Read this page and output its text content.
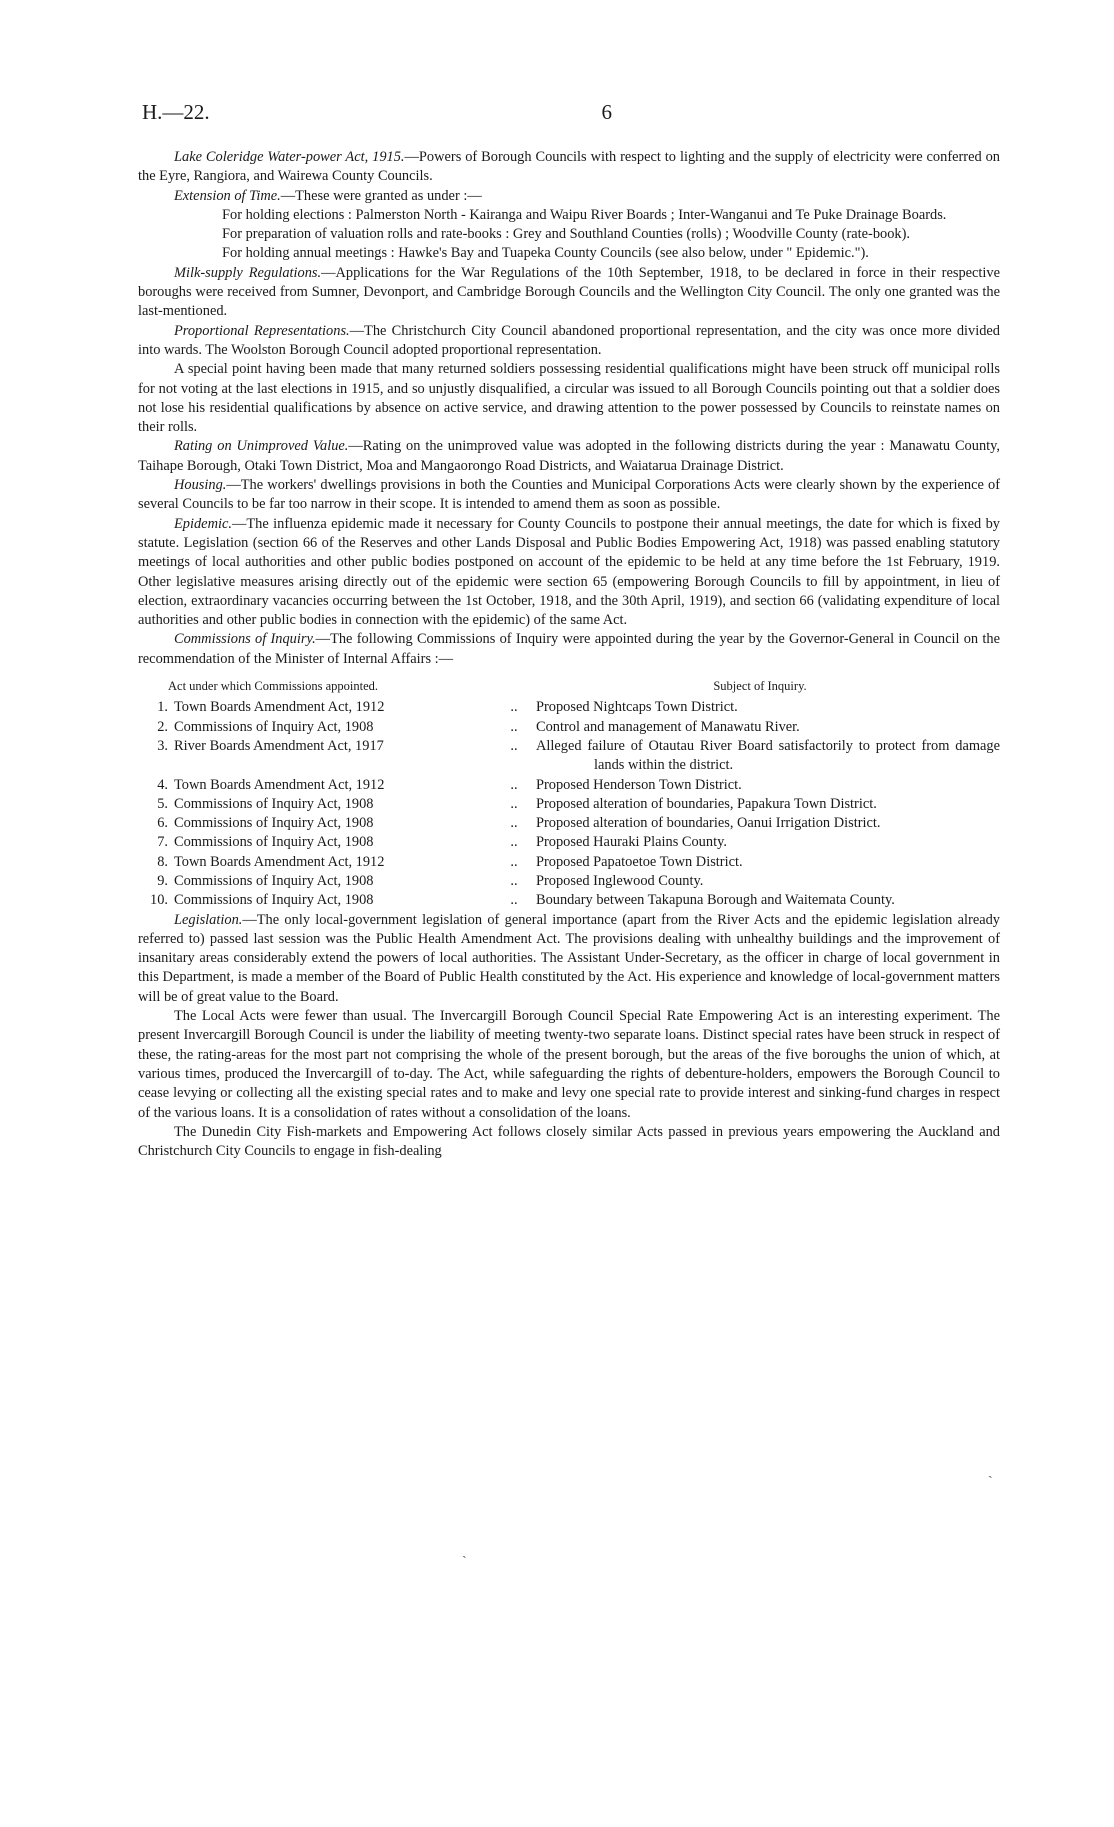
H.—22.	6

Lake Coleridge Water-power Act, 1915.—Powers of Borough Councils with respect to lighting and the supply of electricity were conferred on the Eyre, Rangiora, and Wairewa County Councils.

Extension of Time.—These were granted as under :—

For holding elections : Palmerston North - Kairanga and Waipu River Boards ; Inter-Wanganui and Te Puke Drainage Boards.

For preparation of valuation rolls and rate-books : Grey and Southland Counties (rolls) ; Woodville County (rate-book).

For holding annual meetings : Hawke's Bay and Tuapeka County Councils (see also below, under " Epidemic.").

Milk-supply Regulations.—Applications for the War Regulations of the 10th September, 1918, to be declared in force in their respective boroughs were received from Sumner, Devonport, and Cambridge Borough Councils and the Wellington City Council. The only one granted was the last-mentioned.

Proportional Representations.—The Christchurch City Council abandoned proportional representation, and the city was once more divided into wards. The Woolston Borough Council adopted proportional representation.

A special point having been made that many returned soldiers possessing residential qualifications might have been struck off municipal rolls for not voting at the last elections in 1915, and so unjustly disqualified, a circular was issued to all Borough Councils pointing out that a soldier does not lose his residential qualifications by absence on active service, and drawing attention to the power possessed by Councils to reinstate names on their rolls.

Rating on Unimproved Value.—Rating on the unimproved value was adopted in the following districts during the year : Manawatu County, Taihape Borough, Otaki Town District, Moa and Mangaorongo Road Districts, and Waiatarua Drainage District.

Housing.—The workers' dwellings provisions in both the Counties and Municipal Corporations Acts were clearly shown by the experience of several Councils to be far too narrow in their scope. It is intended to amend them as soon as possible.

Epidemic.—The influenza epidemic made it necessary for County Councils to postpone their annual meetings, the date for which is fixed by statute. Legislation (section 66 of the Reserves and other Lands Disposal and Public Bodies Empowering Act, 1918) was passed enabling statutory meetings of local authorities and other public bodies postponed on account of the epidemic to be held at any time before the 1st February, 1919. Other legislative measures arising directly out of the epidemic were section 65 (empowering Borough Councils to fill by appointment, in lieu of election, extraordinary vacancies occurring between the 1st October, 1918, and the 30th April, 1919), and section 66 (validating expenditure of local authorities and other public bodies in connection with the epidemic) of the same Act.

Commissions of Inquiry.—The following Commissions of Inquiry were appointed during the year by the Governor-General in Council on the recommendation of the Minister of Internal Affairs :—

Act under which Commissions appointed.	Subject of Inquiry.
1. Town Boards Amendment Act, 1912	..	Proposed Nightcaps Town District.
2. Commissions of Inquiry Act, 1908	..	Control and management of Manawatu River.
3. River Boards Amendment Act, 1917	..	Alleged failure of Otautau River Board satisfactorily to protect from damage lands within the district.
4. Town Boards Amendment Act, 1912	..	Proposed Henderson Town District.
5. Commissions of Inquiry Act, 1908	..	Proposed alteration of boundaries, Papakura Town District.
6. Commissions of Inquiry Act, 1908	..	Proposed alteration of boundaries, Oanui Irrigation District.
7. Commissions of Inquiry Act, 1908	..	Proposed Hauraki Plains County.
8. Town Boards Amendment Act, 1912	..	Proposed Papatoetoe Town District.
9. Commissions of Inquiry Act, 1908	..	Proposed Inglewood County.
10. Commissions of Inquiry Act, 1908	..	Boundary between Takapuna Borough and Waitemata County.

Legislation.—The only local-government legislation of general importance (apart from the River Acts and the epidemic legislation already referred to) passed last session was the Public Health Amendment Act. The provisions dealing with unhealthy buildings and the improvement of insanitary areas considerably extend the powers of local authorities. The Assistant Under-Secretary, as the officer in charge of local government in this Department, is made a member of the Board of Public Health constituted by the Act. His experience and knowledge of local-government matters will be of great value to the Board.

The Local Acts were fewer than usual. The Invercargill Borough Council Special Rate Empowering Act is an interesting experiment. The present Invercargill Borough Council is under the liability of meeting twenty-two separate loans. Distinct special rates have been struck in respect of these, the rating-areas for the most part not comprising the whole of the present borough, but the areas of the five boroughs the union of which, at various times, produced the Invercargill of to-day. The Act, while safeguarding the rights of debenture-holders, empowers the Borough Council to cease levying or collecting all the existing special rates and to make and levy one special rate to provide interest and sinking-fund charges in respect of the various loans. It is a consolidation of rates without a consolidation of the loans.

The Dunedin City Fish-markets and Empowering Act follows closely similar Acts passed in previous years empowering the Auckland and Christchurch City Councils to engage in fish-dealing

ˏ
ˏ
